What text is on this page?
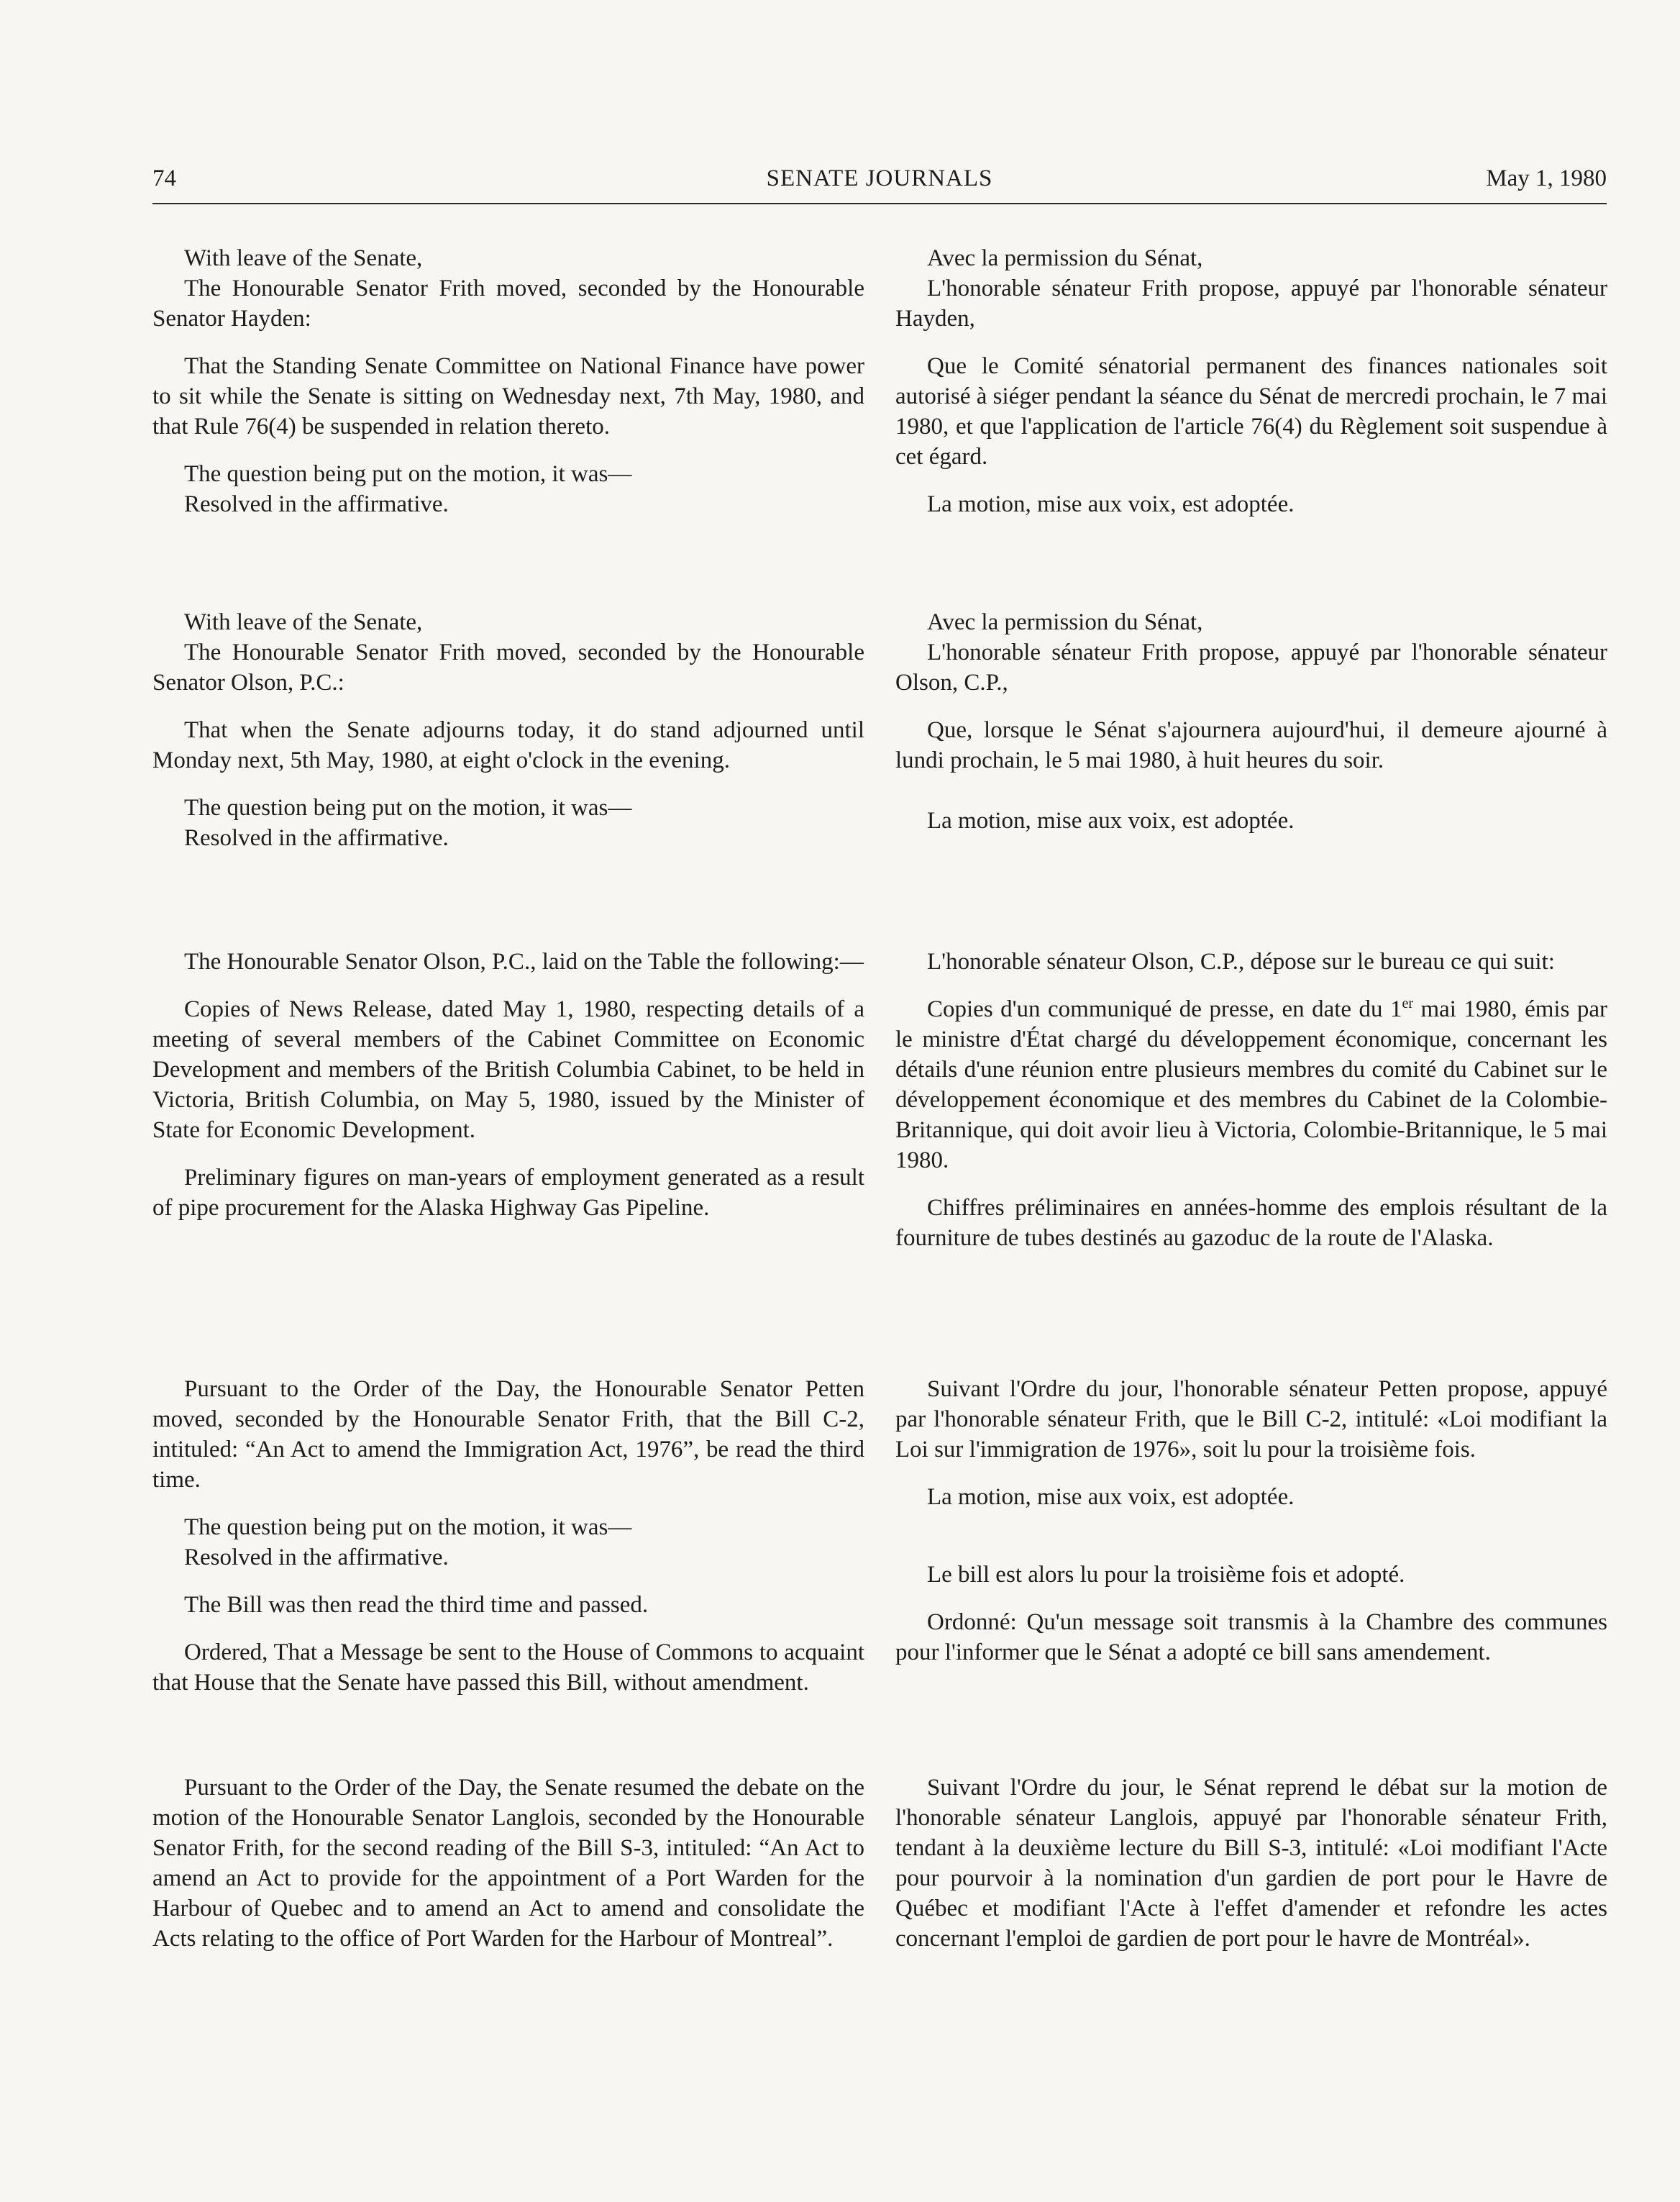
74	SENATE JOURNALS	May 1, 1980

With leave of the Senate,

The Honourable Senator Frith moved, seconded by the Honourable Senator Hayden:

That the Standing Senate Committee on National Finance have power to sit while the Senate is sitting on Wednesday next, 7th May, 1980, and that Rule 76(4) be suspended in relation thereto.

The question being put on the motion, it was—

Resolved in the affirmative.

With leave of the Senate,

The Honourable Senator Frith moved, seconded by the Honourable Senator Olson, P.C.:

That when the Senate adjourns today, it do stand adjourned until Monday next, 5th May, 1980, at eight o'clock in the evening.

The question being put on the motion, it was—

Resolved in the affirmative.

The Honourable Senator Olson, P.C., laid on the Table the following:—

Copies of News Release, dated May 1, 1980, respecting details of a meeting of several members of the Cabinet Committee on Economic Development and members of the British Columbia Cabinet, to be held in Victoria, British Columbia, on May 5, 1980, issued by the Minister of State for Economic Development.

Preliminary figures on man-years of employment generated as a result of pipe procurement for the Alaska Highway Gas Pipeline.

Pursuant to the Order of the Day, the Honourable Senator Petten moved, seconded by the Honourable Senator Frith, that the Bill C-2, intituled: “An Act to amend the Immigration Act, 1976”, be read the third time.

The question being put on the motion, it was—

Resolved in the affirmative.

The Bill was then read the third time and passed.

Ordered, That a Message be sent to the House of Commons to acquaint that House that the Senate have passed this Bill, without amendment.

Pursuant to the Order of the Day, the Senate resumed the debate on the motion of the Honourable Senator Langlois, seconded by the Honourable Senator Frith, for the second reading of the Bill S-3, intituled: “An Act to amend an Act to provide for the appointment of a Port Warden for the Harbour of Quebec and to amend an Act to amend and consolidate the Acts relating to the office of Port Warden for the Harbour of Montreal”.

Avec la permission du Sénat,

L'honorable sénateur Frith propose, appuyé par l'honorable sénateur Hayden,

Que le Comité sénatorial permanent des finances nationales soit autorisé à siéger pendant la séance du Sénat de mercredi prochain, le 7 mai 1980, et que l'application de l'article 76(4) du Règlement soit suspendue à cet égard.

La motion, mise aux voix, est adoptée.

Avec la permission du Sénat,

L'honorable sénateur Frith propose, appuyé par l'honorable sénateur Olson, C.P.,

Que, lorsque le Sénat s'ajournera aujourd'hui, il demeure ajourné à lundi prochain, le 5 mai 1980, à huit heures du soir.

La motion, mise aux voix, est adoptée.

L'honorable sénateur Olson, C.P., dépose sur le bureau ce qui suit:

Copies d'un communiqué de presse, en date du 1er mai 1980, émis par le ministre d'État chargé du développement économique, concernant les détails d'une réunion entre plusieurs membres du comité du Cabinet sur le développement économique et des membres du Cabinet de la Colombie-Britannique, qui doit avoir lieu à Victoria, Colombie-Britannique, le 5 mai 1980.

Chiffres préliminaires en années-homme des emplois résultant de la fourniture de tubes destinés au gazoduc de la route de l'Alaska.

Suivant l'Ordre du jour, l'honorable sénateur Petten propose, appuyé par l'honorable sénateur Frith, que le Bill C-2, intitulé: «Loi modifiant la Loi sur l'immigration de 1976», soit lu pour la troisième fois.

La motion, mise aux voix, est adoptée.

Le bill est alors lu pour la troisième fois et adopté.

Ordonné: Qu'un message soit transmis à la Chambre des communes pour l'informer que le Sénat a adopté ce bill sans amendement.

Suivant l'Ordre du jour, le Sénat reprend le débat sur la motion de l'honorable sénateur Langlois, appuyé par l'honorable sénateur Frith, tendant à la deuxième lecture du Bill S-3, intitulé: «Loi modifiant l'Acte pour pourvoir à la nomination d'un gardien de port pour le Havre de Québec et modifiant l'Acte à l'effet d'amender et refondre les actes concernant l'emploi de gardien de port pour le havre de Montréal».
